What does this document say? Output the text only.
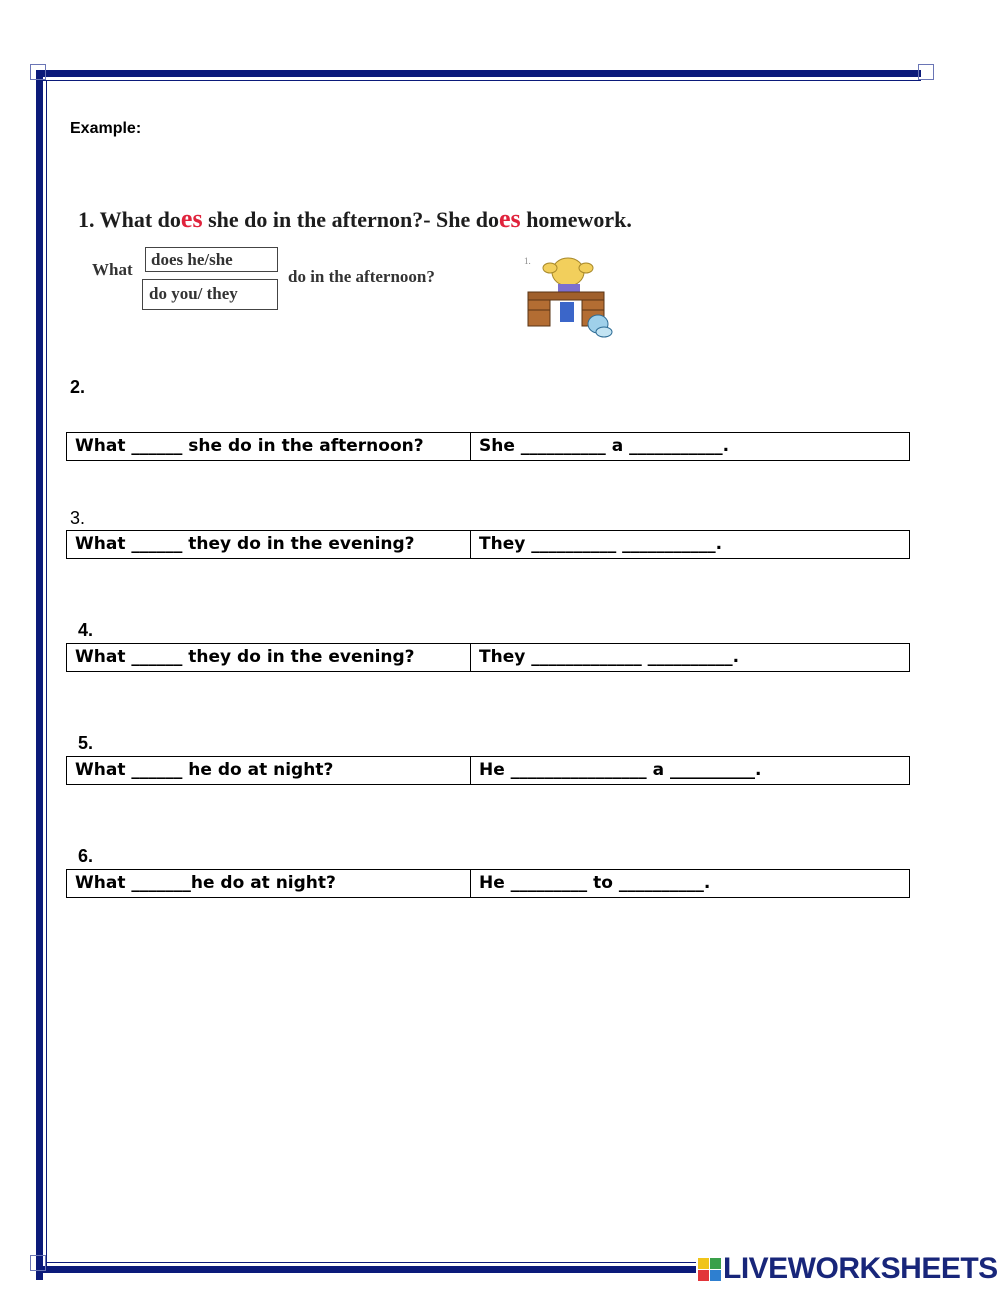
Example:
1. What does she do in the afternon?- She does homework.
What
does he/she
do you/ they
do in the afternoon?
1.
2.
What ______ she do in the afternoon?	She __________ a ___________.
3.
What ______ they do in the evening?	They __________ ___________.
4.
What ______ they do in the evening?	They _____________ __________.
5.
What ______ he do at night?	He ________________ a __________.
6.
What _______he do at night?	He _________ to __________.
LIVEWORKSHEETS
